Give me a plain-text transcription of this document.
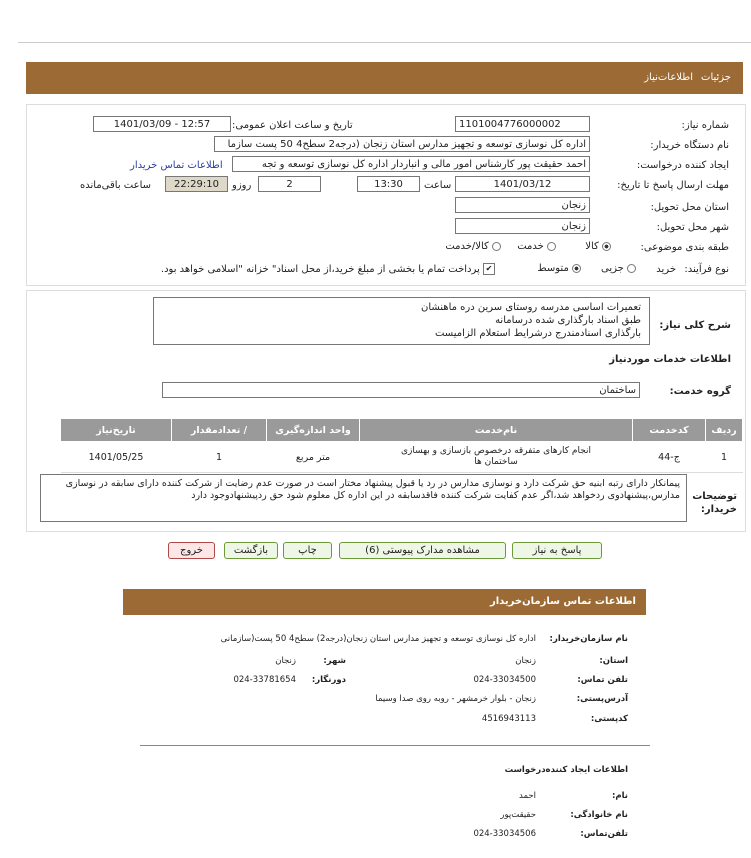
جزئیات
اطلاعات‌نیاز
شماره نیاز:
1101004776000002
تاریخ و ساعت اعلان عمومی:
1401/03/09 - 12:57
نام دستگاه خریدار:
اداره کل نوسازی توسعه و تجهیز مدارس استان زنجان (درجه2 سطح4 50 پست سازما
ایجاد کننده درخواست:
احمد حقیقت پور کارشناس امور مالی و انباردار اداره کل نوسازی توسعه و تجه
اطلاعات تماس خریدار
مهلت ارسال پاسخ تا تاریخ:
1401/03/12
ساعت
13:30
2
روزو
22:29:10
ساعت باقی‌مانده
استان محل تحویل:
زنجان
شهر محل تحویل:
زنجان
طبقه بندی موضوعی:
کالا
خدمت
کالا/خدمت
نوع فرآیند:
خرید
جزیی
متوسط
✔ پرداخت تمام یا بخشی از مبلغ خرید،از محل اسناد" خزانه "اسلامی خواهد بود.
شرح کلی نیاز:
تعمیرات اساسی مدرسه روستای سرین دره ماهنشان
طبق اسناد بارگذاری شده درسامانه
بارگذاری اسنادمندرج درشرایط استعلام الزامیست
اطلاعات خدمات موردنیاز
گروه خدمت:
ساختمان
ردیف	کدخدمت	نام‌خدمت	واحد اندازه‌گیری	/ تعدادمقدار	تاریخ‌نیاز
1	ج-44	انجام کارهای متفرقه درخصوص بازسازی و بهسازی ساختمان ها	متر مربع	1	1401/05/25
توضیحات خریدار:
پیمانکار دارای رتبه ابنیه حق شرکت دارد و نوسازی مدارس در رد یا قبول پیشنهاد مختار است در صورت عدم رضایت از شرکت کننده دارای سابقه در نوسازی مدارس،پیشنهادوی ردخواهد شد،اگر عدم کفایت شرکت کننده فاقدسابقه در این اداره کل معلوم شود حق ردپیشنهادوجود دارد
پاسخ به نیاز
مشاهده مدارک پیوستی (6)
چاپ
بازگشت
خروج
اطلاعات تماس سازمان‌خریدار
نام سازمان‌خریدار:
اداره کل نوسازی توسعه و تجهیز مدارس استان زنجان(درجه2) سطح4 50 پست(سازمانی
استان:
زنجان
شهر:
زنجان
تلفن تماس:
024-33034500
دورنگار:
024-33781654
آدرس‌پستی:
زنجان - بلوار خرمشهر - روبه روی صدا وسیما
کدپستی:
4516943113
اطلاعات ایجاد کننده‌درخواست
نام:
احمد
نام خانوادگی:
حقیقت‌پور
تلفن‌تماس:
024-33034506
